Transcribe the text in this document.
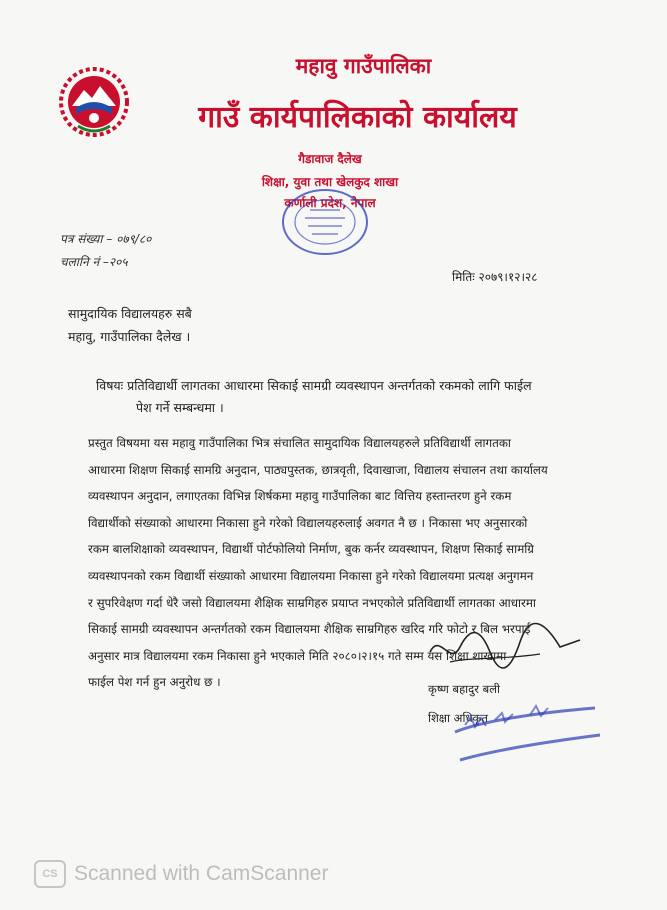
महावु गाउँपालिका
गाउँ कार्यपालिकाको कार्यालय
गैडावाज दैलेख
शिक्षा, युवा तथा खेलकुद शाखा
कर्णाली प्रदेश, नेपाल
पत्र संख्या – ०७९/८०
चलानि नं –२०५
मितिः २०७९।१२।२८
सामुदायिक विद्यालयहरु सबै
महावु, गाउँपालिका दैलेख ।
विषयः प्रतिविद्यार्थी लागतका आधारमा सिकाई सामग्री व्यवस्थापन अन्तर्गतको रकमको लागि फाईल
पेश गर्ने सम्बन्धमा ।
प्रस्तुत विषयमा यस महावु गाउँपालिका भित्र संचालित सामुदायिक विद्यालयहरुले प्रतिविद्यार्थी लागतका
आधारमा शिक्षण सिकाई सामग्रि अनुदान, पाठ्यपुस्तक, छात्रवृती, दिवाखाजा, विद्यालय संचालन तथा कार्यालय
व्यवस्थापन अनुदान, लगाएतका विभिन्न शिर्षकमा महावु गाउँपालिका बाट वित्तिय हस्तान्तरण हुने रकम
विद्यार्थीको संख्याको आधारमा निकासा हुने गरेको विद्यालयहरुलाई अवगत नै छ । निकासा भए अनुसारको
रकम बालशिक्षाको व्यवस्थापन, विद्यार्थी पोर्टफोलियो निर्माण, बुक कर्नर व्यवस्थापन, शिक्षण सिकाई सामग्रि
व्यवस्थापनको रकम विद्यार्थी संख्याको आधारमा विद्यालयमा निकासा हुने गरेको विद्यालयमा प्रत्यक्ष अनुगमन
र सुपरिवेक्षण गर्दा धेरै जसो विद्यालयमा शैक्षिक साम्रगिहरु प्रयाप्त नभएकोले प्रतिविद्यार्थी लागतका आधारमा
सिकाई सामग्री व्यवस्थापन अन्तर्गतको रकम विद्यालयमा शैक्षिक साम्रगिहरु खरिद गरि फोटो र बिल भरपाई
अनुसार मात्र विद्यालयमा रकम निकासा हुने भएकाले मिति २०८०।२।१५ गते सम्म यस शिक्षा शाखामा
फाईल पेश गर्न हुन अनुरोध छ ।	कृष्ण बहादुर बली
शिक्षा अधिकृत
CS Scanned with CamScanner
